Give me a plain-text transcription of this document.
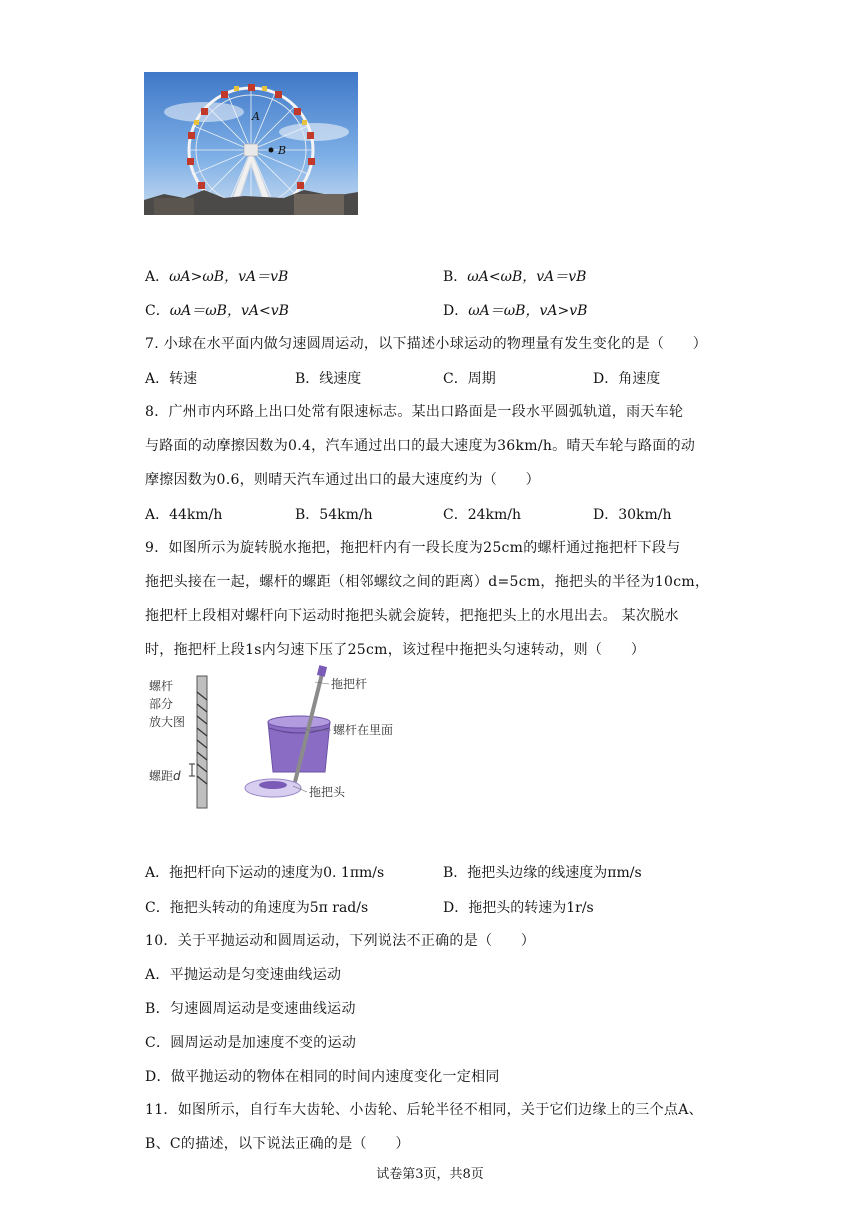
A
B
A．ωA>ωB，vA＝vB	B．ωA<ωB，vA＝vB
C．ωA＝ωB，vA<vB	D．ωA＝ωB，vA>vB
7. 小球在水平面内做匀速圆周运动，以下描述小球运动的物理量有发生变化的是（　　）
A．转速	B．线速度	C．周期	D．角速度
8．广州市内环路上出口处常有限速标志。某出口路面是一段水平圆弧轨道，雨天车轮
与路面的动摩擦因数为0.4，汽车通过出口的最大速度为36km/h。晴天车轮与路面的动
摩擦因数为0.6，则晴天汽车通过出口的最大速度约为（　　）
A．44km/h	B．54km/h	C．24km/h	D．30km/h
9．如图所示为旋转脱水拖把，拖把杆内有一段长度为25cm的螺杆通过拖把杆下段与
拖把头接在一起，螺杆的螺距（相邻螺纹之间的距离）d=5cm，拖把头的半径为10cm，
拖把杆上段相对螺杆向下运动时拖把头就会旋转，把拖把头上的水甩出去。 某次脱水
时，拖把杆上段1s内匀速下压了25cm，该过程中拖把头匀速转动，则（　　）
螺杆
部分
放大图
螺距d
拖把杆
螺杆在里面
拖把头
A．拖把杆向下运动的速度为0. 1πm/s	B．拖把头边缘的线速度为πm/s
C．拖把头转动的角速度为5π rad/s	D．拖把头的转速为1r/s
10．关于平抛运动和圆周运动，下列说法不正确的是（　　）
A．平抛运动是匀变速曲线运动
B．匀速圆周运动是变速曲线运动
C．圆周运动是加速度不变的运动
D．做平抛运动的物体在相同的时间内速度变化一定相同
11．如图所示，自行车大齿轮、小齿轮、后轮半径不相同，关于它们边缘上的三个点A、
B、C的描述，以下说法正确的是（　　）
试卷第3页，共8页
